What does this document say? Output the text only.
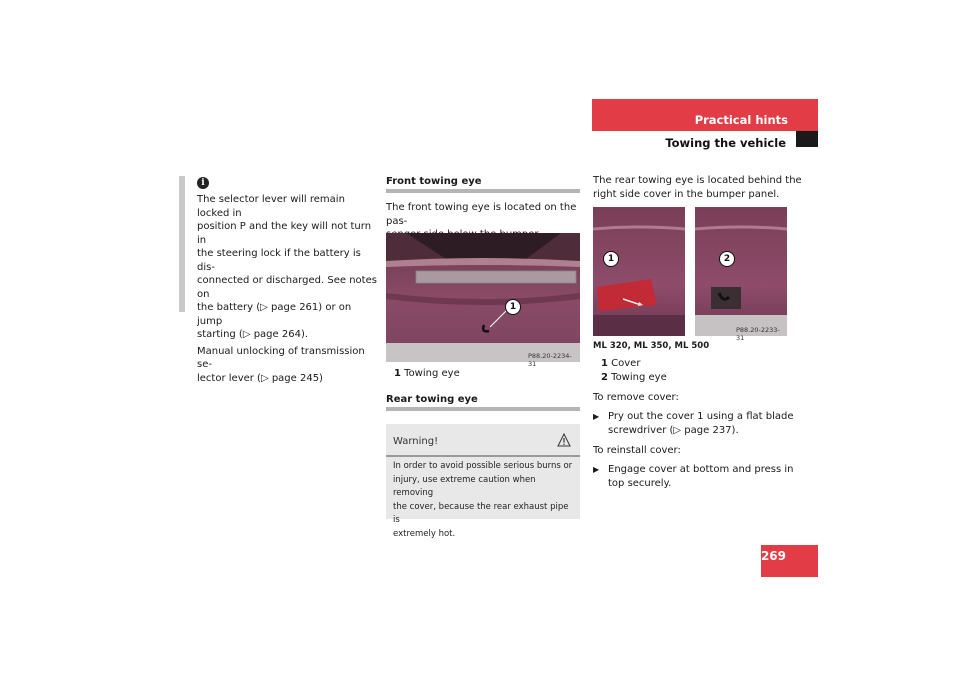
Practical hints
Towing the vehicle
i

The selector lever will remain locked in
position P and the key will not turn in
the steering lock if the battery is dis-
connected or discharged. See notes on
the battery (▷ page 261) or on jump
starting (▷ page 264).

Manual unlocking of transmission se-
lector lever (▷ page 245)

Front towing eye
The front towing eye is located on the pas-

1
P88.20-2234-31
1 Towing eye
Rear towing eye
Warning!
In order to avoid possible serious burns or
injury, use extreme caution when removing
the cover, because the rear exhaust pipe is
extremely hot.
The rear towing eye is located behind the
right side cover in the bumper panel.
1	2
P88.20-2233-31
ML 320, ML 350, ML 500
1 Cover
2 Towing eye
To remove cover:
▶ Pry out the cover 1 using a flat blade
screwdriver (▷ page 237).
To reinstall cover:
▶ Engage cover at bottom and press in
top securely.
269
